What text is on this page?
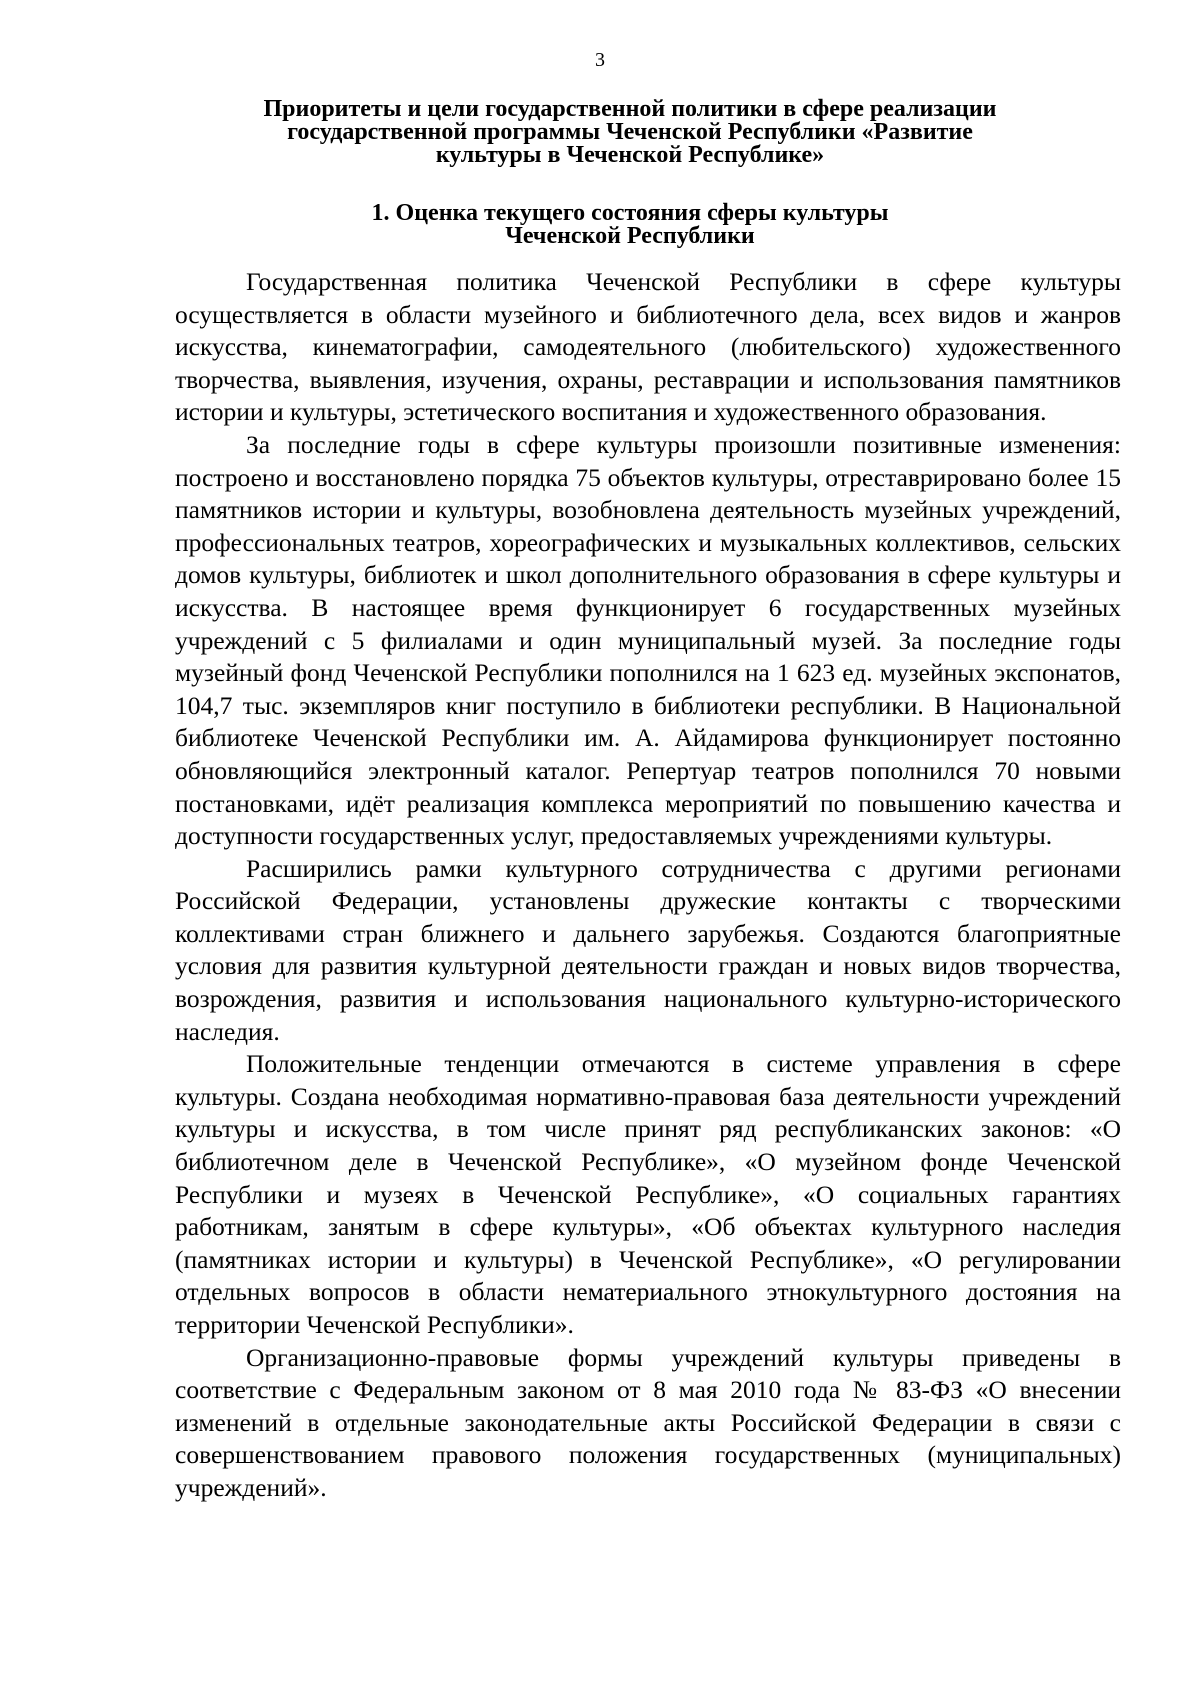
3
Приоритеты и цели государственной политики в сфере реализации
государственной программы Чеченской Республики «Развитие
культуры в Чеченской Республике»
1. Оценка текущего состояния сферы культуры
Чеченской Республики

Государственная политика Чеченской Республики в сфере культуры осуществляется в области музейного и библиотечного дела, всех видов и жанров искусства, кинематографии, самодеятельного (любительского) художественного творчества, выявления, изучения, охраны, реставрации и использования памятников истории и культуры, эстетического воспитания и художественного образования.

За последние годы в сфере культуры произошли позитивные изменения: построено и восстановлено порядка 75 объектов культуры, отреставрировано более 15 памятников истории и культуры, возобновлена деятельность музейных учреждений, профессиональных театров, хореографических и музыкальных коллективов, сельских домов культуры, библиотек и школ дополнительного образования в сфере культуры и искусства. В настоящее время функционирует 6 государственных музейных учреждений с 5 филиалами и один муниципальный музей. За последние годы музейный фонд Чеченской Республики пополнился на 1 623 ед. музейных экспонатов, 104,7 тыс. экземпляров книг поступило в библиотеки республики. В Национальной библиотеке Чеченской Республики им. А. Айдамирова функционирует постоянно обновляющийся электронный каталог. Репертуар театров пополнился 70 новыми постановками, идёт реализация комплекса мероприятий по повышению качества и доступности государственных услуг, предоставляемых учреждениями культуры.

Расширились рамки культурного сотрудничества с другими регионами Российской Федерации, установлены дружеские контакты с творческими коллективами стран ближнего и дальнего зарубежья. Создаются благоприятные условия для развития культурной деятельности граждан и новых видов творчества, возрождения, развития и использования национального культурно-исторического наследия.

Положительные тенденции отмечаются в системе управления в сфере культуры. Создана необходимая нормативно-правовая база деятельности учреждений культуры и искусства, в том числе принят ряд республиканских законов: «О библиотечном деле в Чеченской Республике», «О музейном фонде Чеченской Республики и музеях в Чеченской Республике», «О социальных гарантиях работникам, занятым в сфере культуры», «Об объектах культурного наследия (памятниках истории и культуры) в Чеченской Республике», «О регулировании отдельных вопросов в области нематериального этнокультурного достояния на территории Чеченской Республики».

Организационно-правовые формы учреждений культуры приведены в соответствие с Федеральным законом от 8 мая 2010 года № 83-ФЗ «О внесении изменений в отдельные законодательные акты Российской Федерации в связи с совершенствованием правового положения государственных (муниципальных) учреждений».
